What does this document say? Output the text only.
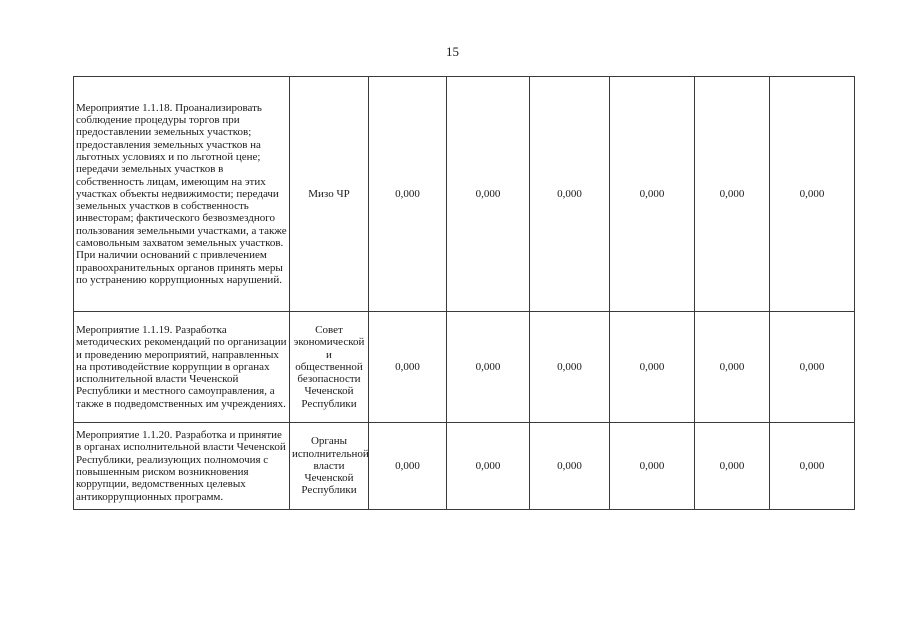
15
Мероприятие 1.1.18. Проанализировать соблюдение процедуры торгов при предоставлении земельных участков; предоставления земельных участков на льготных условиях и по льготной цене; передачи земельных участков в собственность лицам, имеющим на этих участках объекты недвижимости; передачи земельных участков в собственность инвесторам; фактического безвозмездного пользования земельными участками, а также самовольным захватом земельных участков. При наличии оснований с привлечением правоохранительных органов принять меры по устранению коррупционных нарушений.	Мизо ЧР	0,000	0,000	0,000	0,000	0,000	0,000
Мероприятие 1.1.19. Разработка методических рекомендаций по организации и проведению мероприятий, направленных на противодействие коррупции в органах исполнительной власти Чеченской Республики и местного самоуправления, а также в подведомственных им учреждениях.	Совет экономической и общественной безопасности Чеченской Республики	0,000	0,000	0,000	0,000	0,000	0,000
Мероприятие 1.1.20. Разработка и принятие в органах исполнительной власти Чеченской Республики, реализующих полномочия с повышенным риском возникновения коррупции, ведомственных целевых антикоррупционных программ.	Органы исполнительной власти Чеченской Республики	0,000	0,000	0,000	0,000	0,000	0,000
